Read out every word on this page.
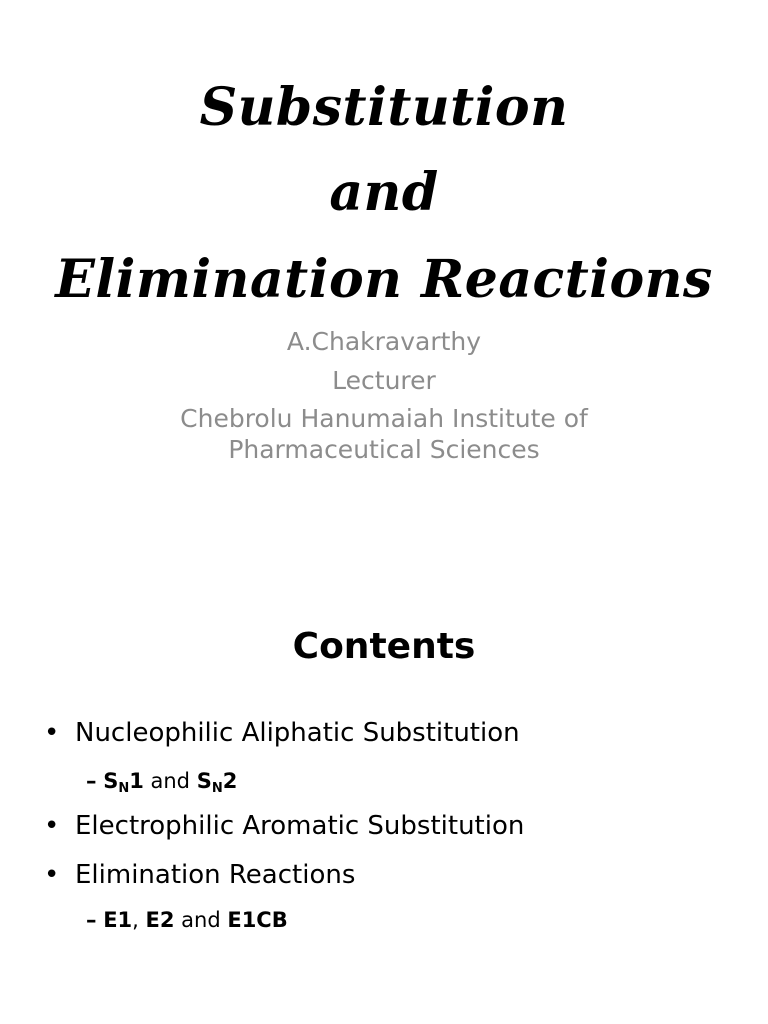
Substitution
and
Elimination Reactions
A.Chakravarthy
Lecturer
Chebrolu Hanumaiah Institute of Pharmaceutical Sciences
Contents
• Nucleophilic Aliphatic Substitution
– $S_N1$ and $S_N2$
• Electrophilic Aromatic Substitution
• Elimination Reactions
– E1, E2 and E1CB
